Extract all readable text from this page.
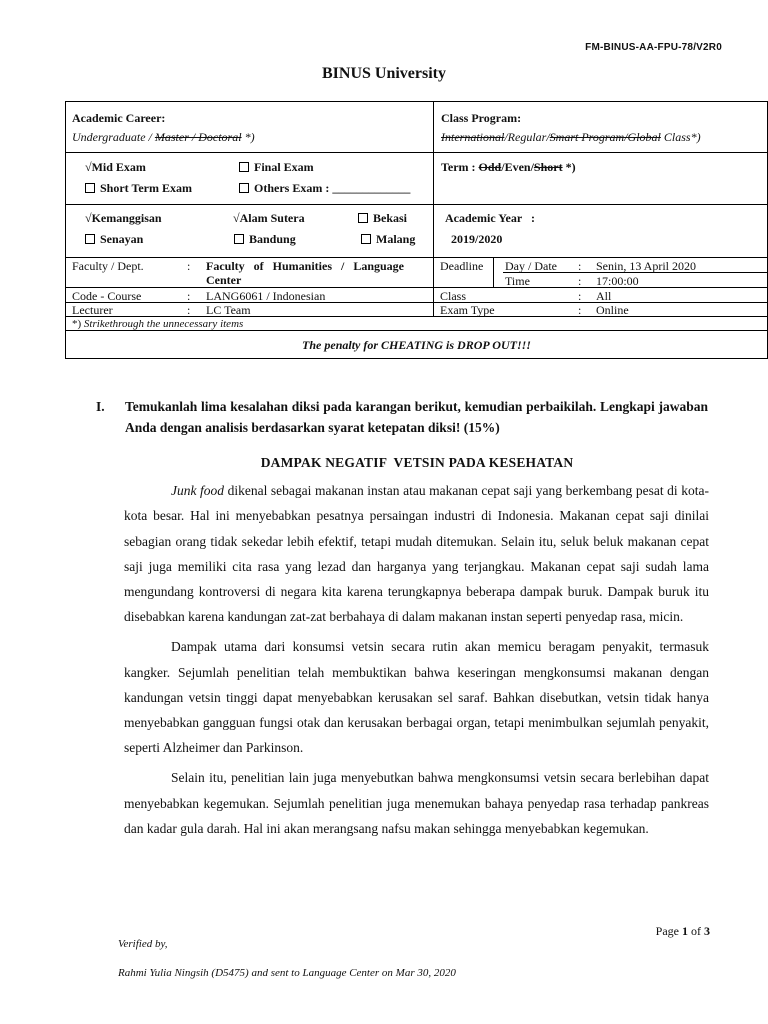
FM-BINUS-AA-FPU-78/V2R0
BINUS University
Academic Career:
Undergraduate / Master / Doctoral *)
Class Program:
International/Regular/Smart Program/Global Class*)
√Mid Exam	Final Exam
Short Term Exam	Others Exam : _____________
Term : Odd/Even/Short *)
√Kemanggisan	√Alam Sutera	Bekasi
Senayan	Bandung	Malang
Academic Year   :
2019/2020
Faculty / Dept.	: Faculty   of   Humanities   /   Language
Center
Deadline Day / Date : Senin, 13 April 2020
Time	: 17:00:00
Code - Course	: LANG6061 / Indonesian	Class	: All
Lecturer	: LC Team	Exam Type	: Online
*) Strikethrough the unnecessary items
The penalty for CHEATING is DROP OUT!!!
I. Temukanlah lima kesalahan diksi pada karangan berikut, kemudian perbaikilah. Lengkapi jawaban Anda dengan analisis berdasarkan syarat ketepatan diksi! (15%)
DAMPAK NEGATIF  VETSIN PADA KESEHATAN

Junk food dikenal sebagai makanan instan atau makanan cepat saji yang berkembang pesat di kota-kota besar. Hal ini menyebabkan pesatnya persaingan industri di Indonesia. Makanan cepat saji dinilai sebagian orang tidak sekedar lebih efektif, tetapi mudah ditemukan. Selain itu, seluk beluk makanan cepat saji juga memiliki cita rasa yang lezad dan harganya yang terjangkau. Makanan cepat saji sudah lama mengundang kontroversi di negara kita karena terungkapnya beberapa dampak buruk. Dampak buruk itu disebabkan karena kandungan zat-zat berbahaya di dalam makanan instan seperti penyedap rasa, micin.

Dampak utama dari konsumsi vetsin secara rutin akan memicu beragam penyakit, termasuk kangker. Sejumlah penelitian telah membuktikan bahwa keseringan mengkonsumsi makanan dengan kandungan vetsin tinggi dapat menyebabkan kerusakan sel saraf. Bahkan disebutkan, vetsin tidak hanya menyebabkan gangguan fungsi otak dan kerusakan berbagai organ, tetapi menimbulkan sejumlah penyakit, seperti Alzheimer dan Parkinson.

Selain itu, penelitian lain juga menyebutkan bahwa mengkonsumsi vetsin secara berlebihan dapat menyebabkan kegemukan. Sejumlah penelitian juga menemukan bahaya penyedap rasa terhadap pankreas dan kadar gula darah. Hal ini akan merangsang nafsu makan sehingga menyebabkan kegemukan.

Page 1 of 3
Verified by,
Rahmi Yulia Ningsih (D5475) and sent to Language Center on Mar 30, 2020
